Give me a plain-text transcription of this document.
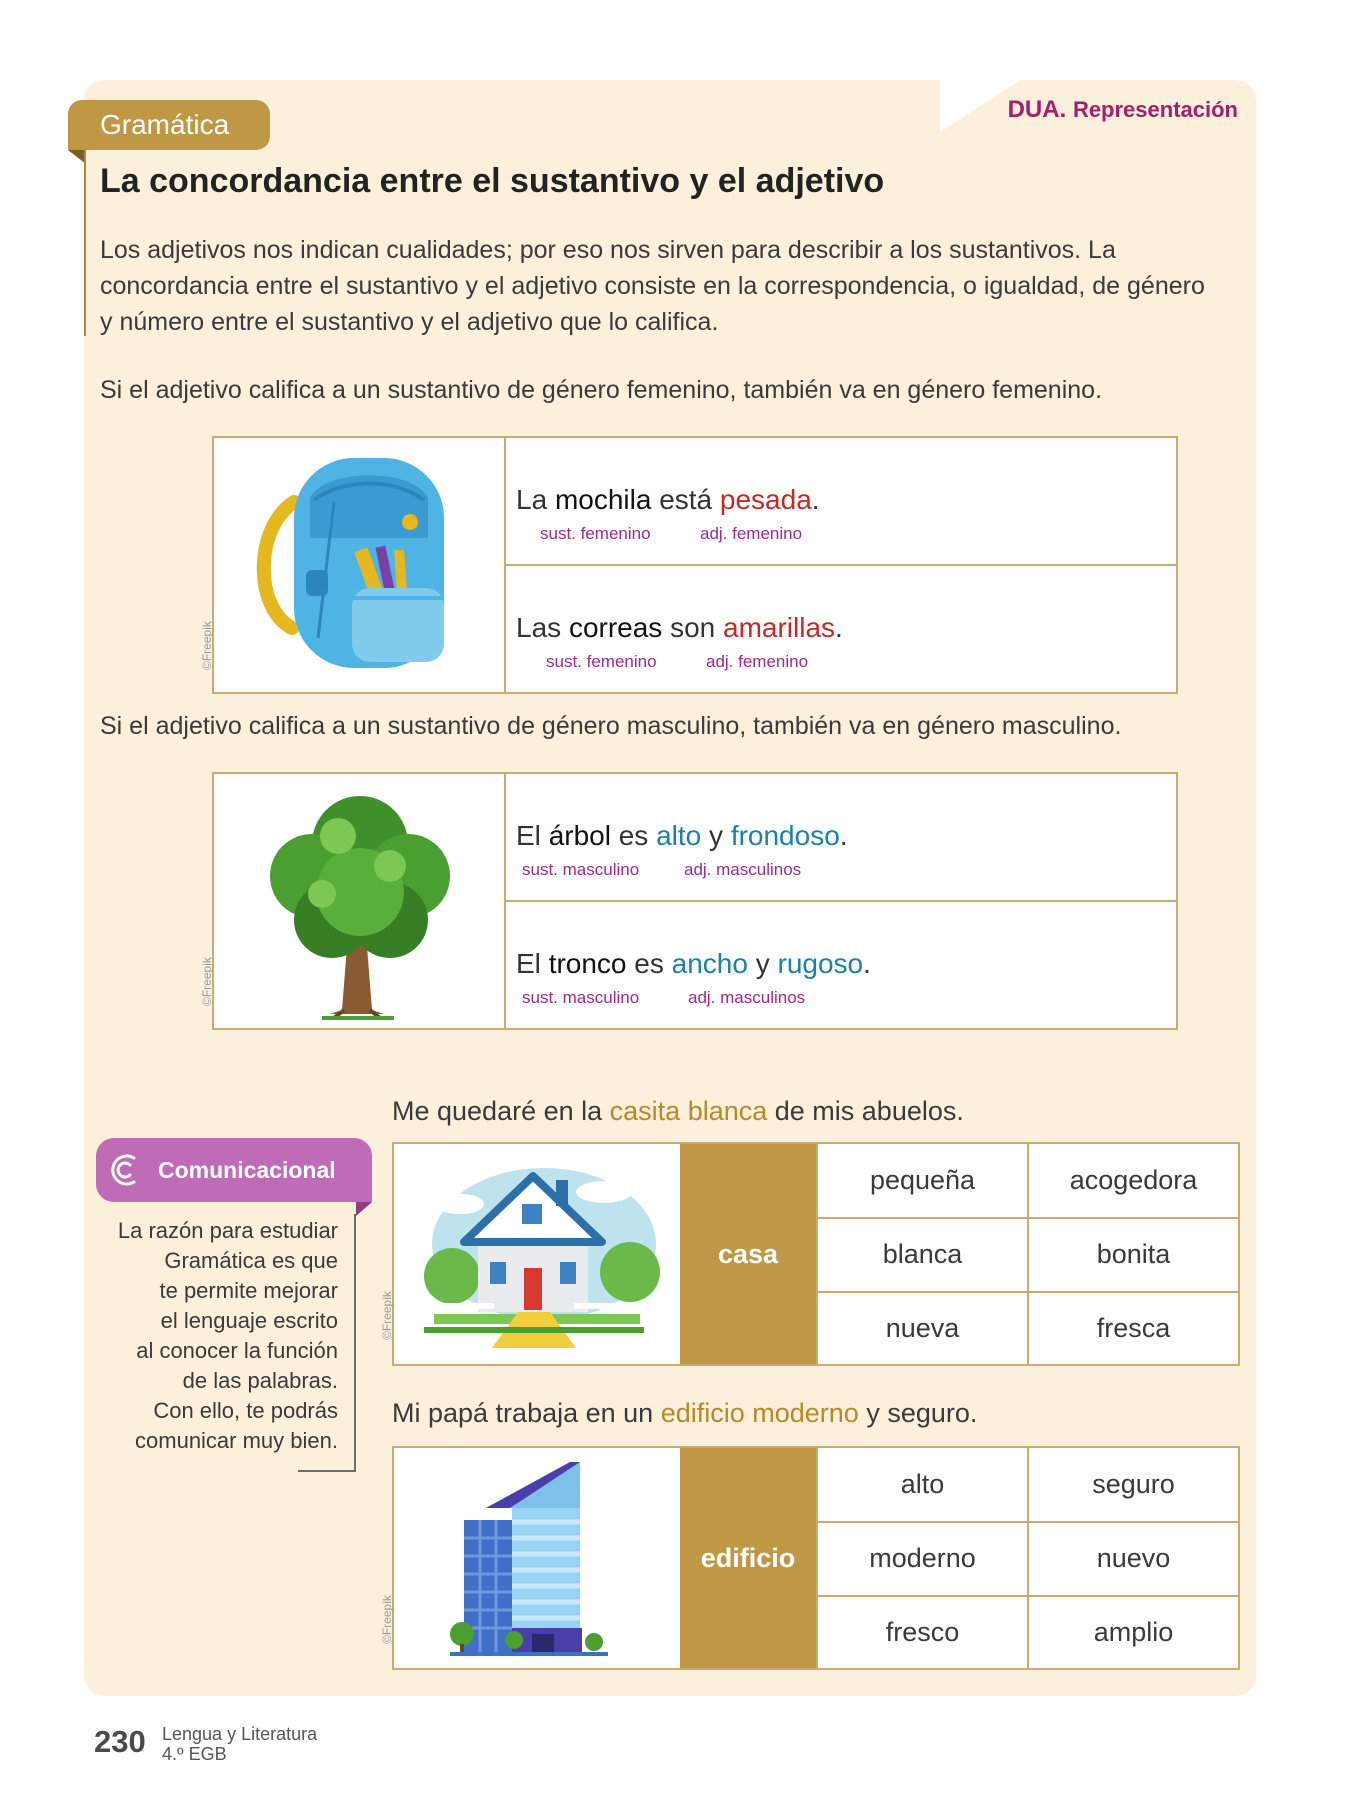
DUA. Representación
Gramática
La concordancia entre el sustantivo y el adjetivo

Los adjetivos nos indican cualidades; por eso nos sirven para describir a los sustantivos. La concordancia entre el sustantivo y el adjetivo consiste en la correspondencia, o igualdad, de género y número entre el sustantivo y el adjetivo que lo califica.

Si el adjetivo califica a un sustantivo de género femenino, también va en género femenino.

©Freepik
La mochila está pesada.
sust. femenino	adj. femenino
Las correas son amarillas.
sust. femenino	adj. femenino

Si el adjetivo califica a un sustantivo de género masculino, también va en género masculino.

©Freepik
El árbol es alto y frondoso.
sust. masculino	adj. masculinos
El tronco es ancho y rugoso.
sust. masculino	adj. masculinos

Me quedaré en la casita blanca de mis abuelos.

©Freepik
casa
pequeña	acogedora
blanca	bonita
nueva	fresca

Mi papá trabaja en un edificio moderno y seguro.

©Freepik
edificio
alto	seguro
moderno	nuevo
fresco	amplio
Comunicacional
La razón para estudiar
Gramática es que
te permite mejorar
el lenguaje escrito
al conocer la función
de las palabras.
Con ello, te podrás
comunicar muy bien.
230 Lengua y Literatura
4.º EGB
